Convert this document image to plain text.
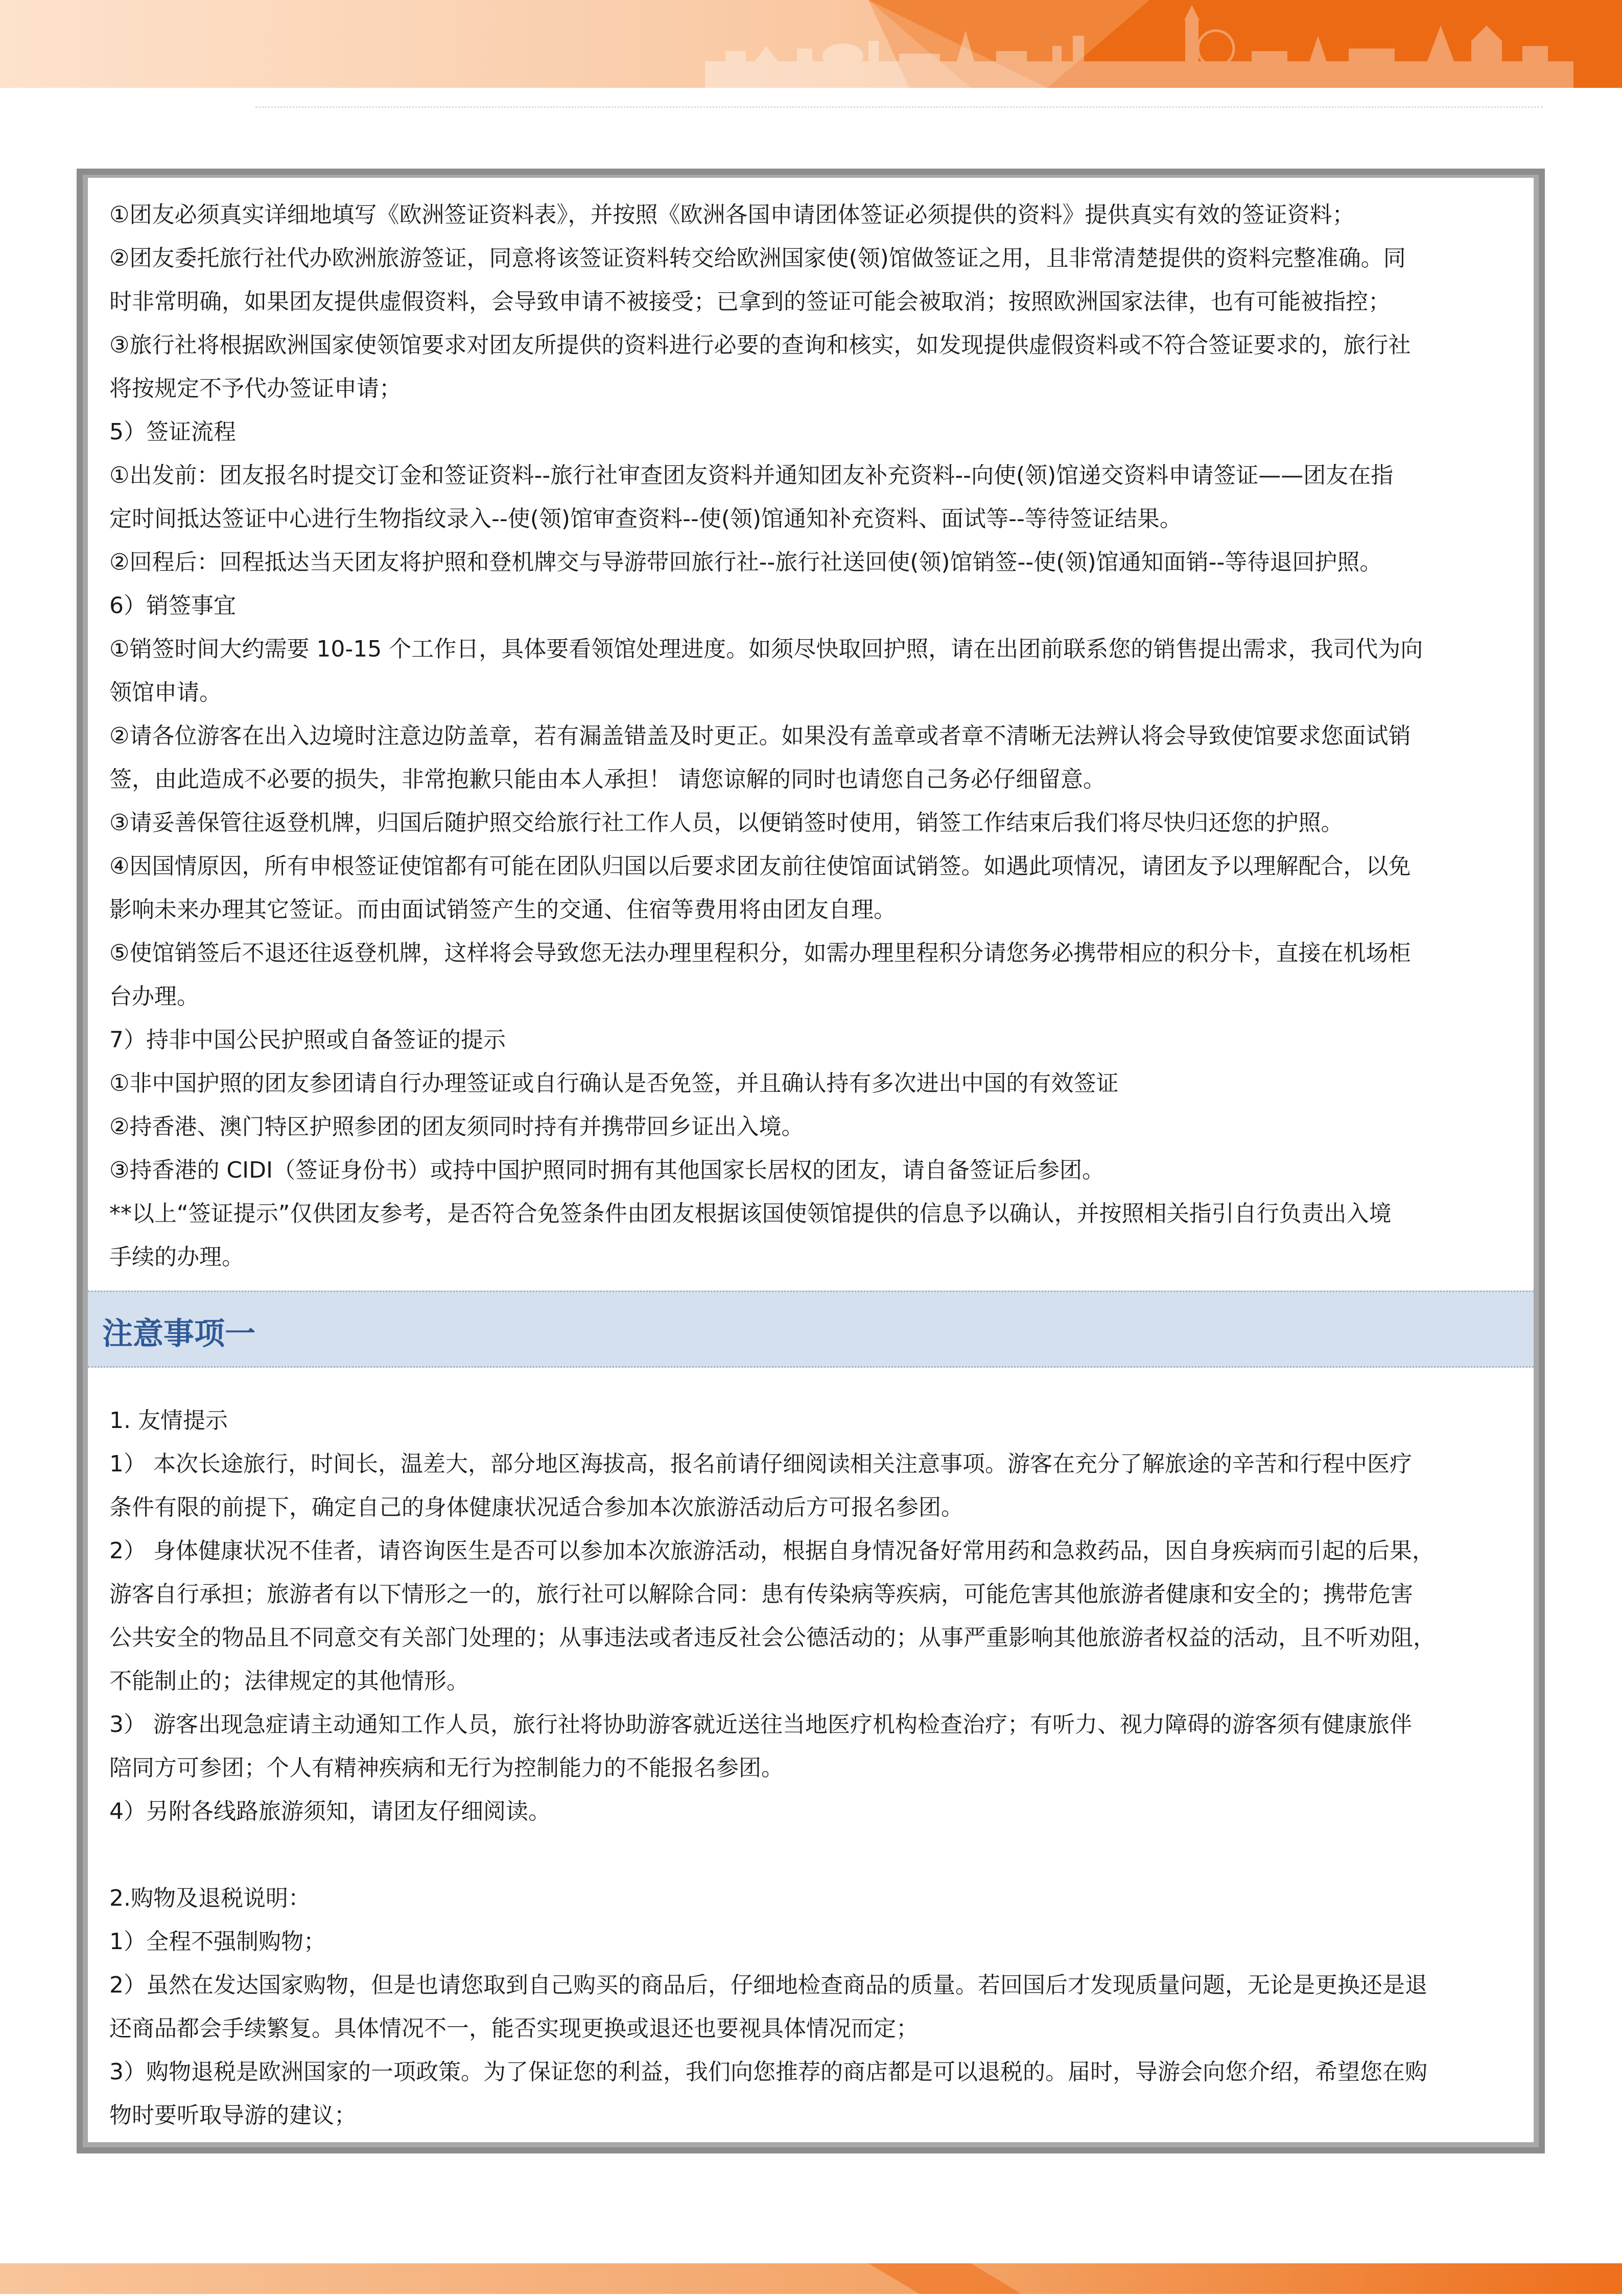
①团友必须真实详细地填写《欧洲签证资料表》，并按照《欧洲各国申请团体签证必须提供的资料》提供真实有效的签证资料；
②团友委托旅行社代办欧洲旅游签证，同意将该签证资料转交给欧洲国家使(领)馆做签证之用，且非常清楚提供的资料完整准确。同
时非常明确，如果团友提供虚假资料，会导致申请不被接受；已拿到的签证可能会被取消；按照欧洲国家法律，也有可能被指控；
③旅行社将根据欧洲国家使领馆要求对团友所提供的资料进行必要的查询和核实，如发现提供虚假资料或不符合签证要求的，旅行社
将按规定不予代办签证申请；
5）签证流程
①出发前：团友报名时提交订金和签证资料--旅行社审查团友资料并通知团友补充资料--向使(领)馆递交资料申请签证——团友在指
定时间抵达签证中心进行生物指纹录入--使(领)馆审查资料--使(领)馆通知补充资料、面试等--等待签证结果。
②回程后：回程抵达当天团友将护照和登机牌交与导游带回旅行社--旅行社送回使(领)馆销签--使(领)馆通知面销--等待退回护照。
6）销签事宜
①销签时间大约需要 10-15 个工作日，具体要看领馆处理进度。如须尽快取回护照，请在出团前联系您的销售提出需求，我司代为向
领馆申请。
②请各位游客在出入边境时注意边防盖章，若有漏盖错盖及时更正。如果没有盖章或者章不清晰无法辨认将会导致使馆要求您面试销
签，由此造成不必要的损失，非常抱歉只能由本人承担！ 请您谅解的同时也请您自己务必仔细留意。
③请妥善保管往返登机牌，归国后随护照交给旅行社工作人员，以便销签时使用，销签工作结束后我们将尽快归还您的护照。
④因国情原因，所有申根签证使馆都有可能在团队归国以后要求团友前往使馆面试销签。如遇此项情况，请团友予以理解配合，以免
影响未来办理其它签证。而由面试销签产生的交通、住宿等费用将由团友自理。
⑤使馆销签后不退还往返登机牌，这样将会导致您无法办理里程积分，如需办理里程积分请您务必携带相应的积分卡，直接在机场柜
台办理。
7）持非中国公民护照或自备签证的提示
①非中国护照的团友参团请自行办理签证或自行确认是否免签，并且确认持有多次进出中国的有效签证
②持香港、澳门特区护照参团的团友须同时持有并携带回乡证出入境。
③持香港的 CIDI（签证身份书）或持中国护照同时拥有其他国家长居权的团友，请自备签证后参团。
**以上“签证提示”仅供团友参考，是否符合免签条件由团友根据该国使领馆提供的信息予以确认，并按照相关指引自行负责出入境
手续的办理。
注意事项一
1. 友情提示
1） 本次长途旅行，时间长，温差大，部分地区海拔高，报名前请仔细阅读相关注意事项。游客在充分了解旅途的辛苦和行程中医疗
条件有限的前提下，确定自己的身体健康状况适合参加本次旅游活动后方可报名参团。
2） 身体健康状况不佳者，请咨询医生是否可以参加本次旅游活动，根据自身情况备好常用药和急救药品，因自身疾病而引起的后果，
游客自行承担；旅游者有以下情形之一的，旅行社可以解除合同：患有传染病等疾病，可能危害其他旅游者健康和安全的；携带危害
公共安全的物品且不同意交有关部门处理的；从事违法或者违反社会公德活动的；从事严重影响其他旅游者权益的活动，且不听劝阻，
不能制止的；法律规定的其他情形。
3） 游客出现急症请主动通知工作人员，旅行社将协助游客就近送往当地医疗机构检查治疗；有听力、视力障碍的游客须有健康旅伴
陪同方可参团；个人有精神疾病和无行为控制能力的不能报名参团。
4）另附各线路旅游须知，请团友仔细阅读。
2.购物及退税说明：
1）全程不强制购物；
2）虽然在发达国家购物，但是也请您取到自己购买的商品后，仔细地检查商品的质量。若回国后才发现质量问题，无论是更换还是退
还商品都会手续繁复。具体情况不一，能否实现更换或退还也要视具体情况而定；
3）购物退税是欧洲国家的一项政策。为了保证您的利益，我们向您推荐的商店都是可以退税的。届时，导游会向您介绍，希望您在购
物时要听取导游的建议；
